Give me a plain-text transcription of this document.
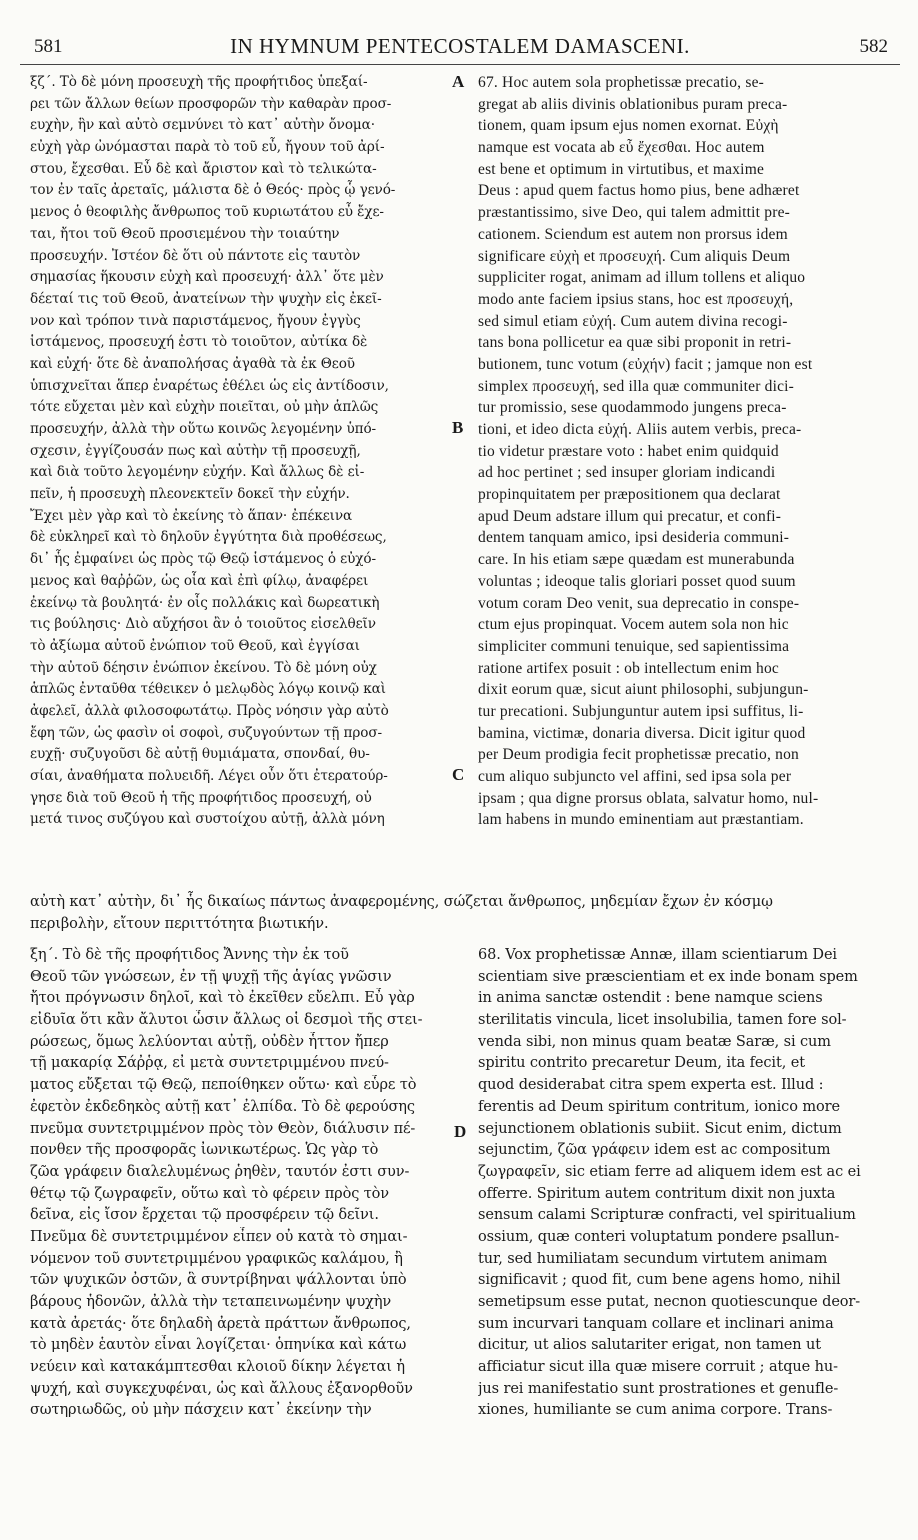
581	IN HYMNUM PENTECOSTALEM DAMASCENI.	582
ξζ΄. Τὸ δὲ μόνη προσευχὴ τῆς προφήτιδος ὑπεξαί-
ρει τῶν ἄλλων θείων προσφορῶν τὴν καθαρὰν προσ-
ευχὴν, ἣν καὶ αὐτὸ σεμνύνει τὸ κατ᾽ αὐτὴν ὄνομα·
εὐχὴ γὰρ ὠνόμασται παρὰ τὸ τοῦ εὖ, ἤγουν τοῦ ἀρί-
στου, ἔχεσθαι. Εὖ δὲ καὶ ἄριστον καὶ τὸ τελικώτα-
τον ἐν ταῖς ἀρεταῖς, μάλιστα δὲ ὁ Θεός· πρὸς ᾧ γενό-
μενος ὁ θεοφιλὴς ἄνθρωπος τοῦ κυριωτάτου εὖ ἔχε-
ται, ἤτοι τοῦ Θεοῦ προσιεμένου τὴν τοιαύτην
προσευχήν. Ἰστέον δὲ ὅτι οὐ πάντοτε εἰς ταυτὸν
σημασίας ἥκουσιν εὐχὴ καὶ προσευχή· ἀλλ᾽ ὅτε μὲν
δέεταί τις τοῦ Θεοῦ, ἀνατείνων τὴν ψυχὴν εἰς ἐκεῖ-
νον καὶ τρόπον τινὰ παριστάμενος, ἤγουν ἐγγὺς
ἱστάμενος, προσευχή ἐστι τὸ τοιοῦτον, αὐτίκα δὲ
καὶ εὐχή· ὅτε δὲ ἀναπολήσας ἀγαθὰ τὰ ἐκ Θεοῦ
ὑπισχνεῖται ἅπερ ἐναρέτως ἐθέλει ὡς εἰς ἀντίδοσιν,
τότε εὔχεται μὲν καὶ εὐχὴν ποιεῖται, οὐ μὴν ἁπλῶς
προσευχήν, ἀλλὰ τὴν οὕτω κοινῶς λεγομένην ὑπό-
σχεσιν, ἐγγίζουσάν πως καὶ αὐτὴν τῇ προσευχῇ,
καὶ διὰ τοῦτο λεγομένην εὐχήν. Καὶ ἄλλως δὲ εἰ-
πεῖν, ἡ προσευχὴ πλεονεκτεῖν δοκεῖ τὴν εὐχήν.
Ἔχει μὲν γὰρ καὶ τὸ ἐκείνης τὸ ἅπαν· ἐπέκεινα
δὲ εὐκληρεῖ καὶ τὸ δηλοῦν ἐγγύτητα διὰ προθέσεως,
δι᾽ ἧς ἐμφαίνει ὡς πρὸς τῷ Θεῷ ἱστάμενος ὁ εὐχό-
μενος καὶ θαῤῥῶν, ὡς οἷα καὶ ἐπὶ φίλῳ, ἀναφέρει
ἐκείνῳ τὰ βουλητά· ἐν οἷς πολλάκις καὶ δωρεατικὴ
τις βούλησις· Διὸ αὔχήσοι ἂν ὁ τοιοῦτος εἰσελθεῖν
τὸ ἀξίωμα αὐτοῦ ἐνώπιον τοῦ Θεοῦ, καὶ ἐγγίσαι
τὴν αὐτοῦ δέησιν ἐνώπιον ἐκείνου. Τὸ δὲ μόνη οὐχ
ἁπλῶς ἐνταῦθα τέθεικεν ὁ μελῳδὸς λόγῳ κοινῷ καὶ
ἀφελεῖ, ἀλλὰ φιλοσοφωτάτῳ. Πρὸς νόησιν γὰρ αὐτὸ
ἔφη τῶν, ὡς φασὶν οἱ σοφοὶ, συζυγούντων τῇ προσ-
ευχῇ· συζυγοῦσι δὲ αὐτῇ θυμιάματα, σπονδαί, θυ-
σίαι, ἀναθήματα πολυειδῆ. Λέγει οὖν ὅτι ἐτερατούρ-
γησε διὰ τοῦ Θεοῦ ἡ τῆς προφήτιδος προσευχή, οὐ
μετά τινος συζύγου καὶ συστοίχου αὐτῇ, ἀλλὰ μόνη
67. Hoc autem sola prophetissæ precatio, se-
gregat ab aliis divinis oblationibus puram preca-
tionem, quam ipsum ejus nomen exornat. Εὐχὴ
namque est vocata ab εὖ ἔχεσθαι. Hoc autem
est bene et optimum in virtutibus, et maxime
Deus : apud quem factus homo pius, bene adhæret
præstantissimo, sive Deo, qui talem admittit pre-
cationem. Sciendum est autem non prorsus idem
significare εὐχὴ et προσευχή. Cum aliquis Deum
suppliciter rogat, animam ad illum tollens et aliquo
modo ante faciem ipsius stans, hoc est προσευχή,
sed simul etiam εὐχή. Cum autem divina recogi-
tans bona pollicetur ea quæ sibi proponit in retri-
butionem, tunc votum (εὐχήν) facit ; jamque non est
simplex προσευχή, sed illa quæ communiter dici-
tur promissio, sese quodammodo jungens preca-
tioni, et ideo dicta εὐχή. Aliis autem verbis, preca-
tio videtur præstare voto : habet enim quidquid
ad hoc pertinet ; sed insuper gloriam indicandi
propinquitatem per præpositionem qua declarat
apud Deum adstare illum qui precatur, et confi-
dentem tanquam amico, ipsi desideria communi-
care. In his etiam sæpe quædam est munerabunda
voluntas ; ideoque talis gloriari posset quod suum
votum coram Deo venit, sua deprecatio in conspe-
ctum ejus propinquat. Vocem autem sola non hic
simpliciter communi tenuique, sed sapientissima
ratione artifex posuit : ob intellectum enim hoc
dixit eorum quæ, sicut aiunt philosophi, subjungun-
tur precationi. Subjunguntur autem ipsi suffitus, li-
bamina, victimæ, donaria diversa. Dicit igitur quod
per Deum prodigia fecit prophetissæ precatio, non
cum aliquo subjuncto vel affini, sed ipsa sola per
ipsam ; qua digne prorsus oblata, salvatur homo, nul-
lam habens in mundo eminentiam aut præstantiam.
αὐτὴ κατ᾽ αὐτὴν, δι᾽ ἧς δικαίως πάντως ἀναφερομένης, σώζεται ἄνθρωπος, μηδεμίαν ἔχων ἐν κόσμῳ
περιβολὴν, εἴτουν περιττότητα βιωτικήν.
ξη΄. Τὸ δὲ τῆς προφήτιδος Ἄννης τὴν ἐκ τοῦ
Θεοῦ τῶν γνώσεων, ἐν τῇ ψυχῇ τῆς ἁγίας γνῶσιν
ἤτοι πρόγνωσιν δηλοῖ, καὶ τὸ ἐκεῖθεν εὔελπι. Εὖ γὰρ
εἰδυῖα ὅτι κἂν ἄλυτοι ὦσιν ἄλλως οἱ δεσμοὶ τῆς στει-
ρώσεως, ὅμως λελύονται αὐτῇ, οὐδὲν ἧττον ἤπερ
τῇ μακαρίᾳ Σάῤῥᾳ, εἰ μετὰ συντετριμμένου πνεύ-
ματος εὔξεται τῷ Θεῷ, πεποίθηκεν οὕτω· καὶ εὗρε τὸ
ἐφετὸν ἐκδεδηκὸς αὐτῇ κατ᾽ ἐλπίδα. Τὸ δὲ φερούσης
πνεῦμα συντετριμμένον πρὸς τὸν Θεὸν, διάλυσιν πέ-
πονθεν τῆς προσφορᾶς ἰωνικωτέρως. Ὡς γὰρ τὸ
ζῶα γράφειν διαλελυμένως ῥηθὲν, ταυτόν ἐστι συν-
θέτῳ τῷ ζωγραφεῖν, οὕτω καὶ τὸ φέρειν πρὸς τὸν
δεῖνα, εἰς ἴσον ἔρχεται τῷ προσφέρειν τῷ δεῖνι.
Πνεῦμα δὲ συντετριμμένον εἶπεν οὐ κατὰ τὸ σημαι-
νόμενον τοῦ συντετριμμένου γραφικῶς καλάμου, ἢ
τῶν ψυχικῶν ὀστῶν, ἃ συντρίβηναι ψάλλονται ὑπὸ
βάρους ἡδονῶν, ἀλλὰ τὴν τεταπεινωμένην ψυχὴν
κατὰ ἀρετάς· ὅτε δηλαδὴ ἀρετὰ πράττων ἄνθρωπος,
τὸ μηδὲν ἑαυτὸν εἶναι λογίζεται· ὁπηνίκα καὶ κάτω
νεύειν καὶ κατακάμπτεσθαι κλοιοῦ δίκην λέγεται ἡ
ψυχή, καὶ συγκεχυφέναι, ὡς καὶ ἄλλους ἐξανορθοῦν
σωτηριωδῶς, οὐ μὴν πάσχειν κατ᾽ ἐκείνην τὴν
68. Vox prophetissæ Annæ, illam scientiarum Dei
scientiam sive præscientiam et ex inde bonam spem
in anima sanctæ ostendit : bene namque sciens
sterilitatis vincula, licet insolubilia, tamen fore sol-
venda sibi, non minus quam beatæ Saræ, si cum
spiritu contrito precaretur Deum, ita fecit, et
quod desiderabat citra spem experta est. Illud :
ferentis ad Deum spiritum contritum, ionico more
sejunctionem oblationis subiit. Sicut enim, dictum
sejunctim, ζῶα γράφειν idem est ac compositum
ζωγραφεῖν, sic etiam ferre ad aliquem idem est ac ei
offerre. Spiritum autem contritum dixit non juxta
sensum calami Scripturæ confracti, vel spiritualium
ossium, quæ conteri voluptatum pondere psallun-
tur, sed humiliatam secundum virtutem animam
significavit ; quod fit, cum bene agens homo, nihil
semetipsum esse putat, necnon quotiescunque deor-
sum incurvari tanquam collare et inclinari anima
dicitur, ut alios salutariter erigat, non tamen ut
afficiatur sicut illa quæ misere corruit ; atque hu-
jus rei manifestatio sunt prostrationes et genufle-
xiones, humiliante se cum anima corpore. Trans-
A
B
C
D
